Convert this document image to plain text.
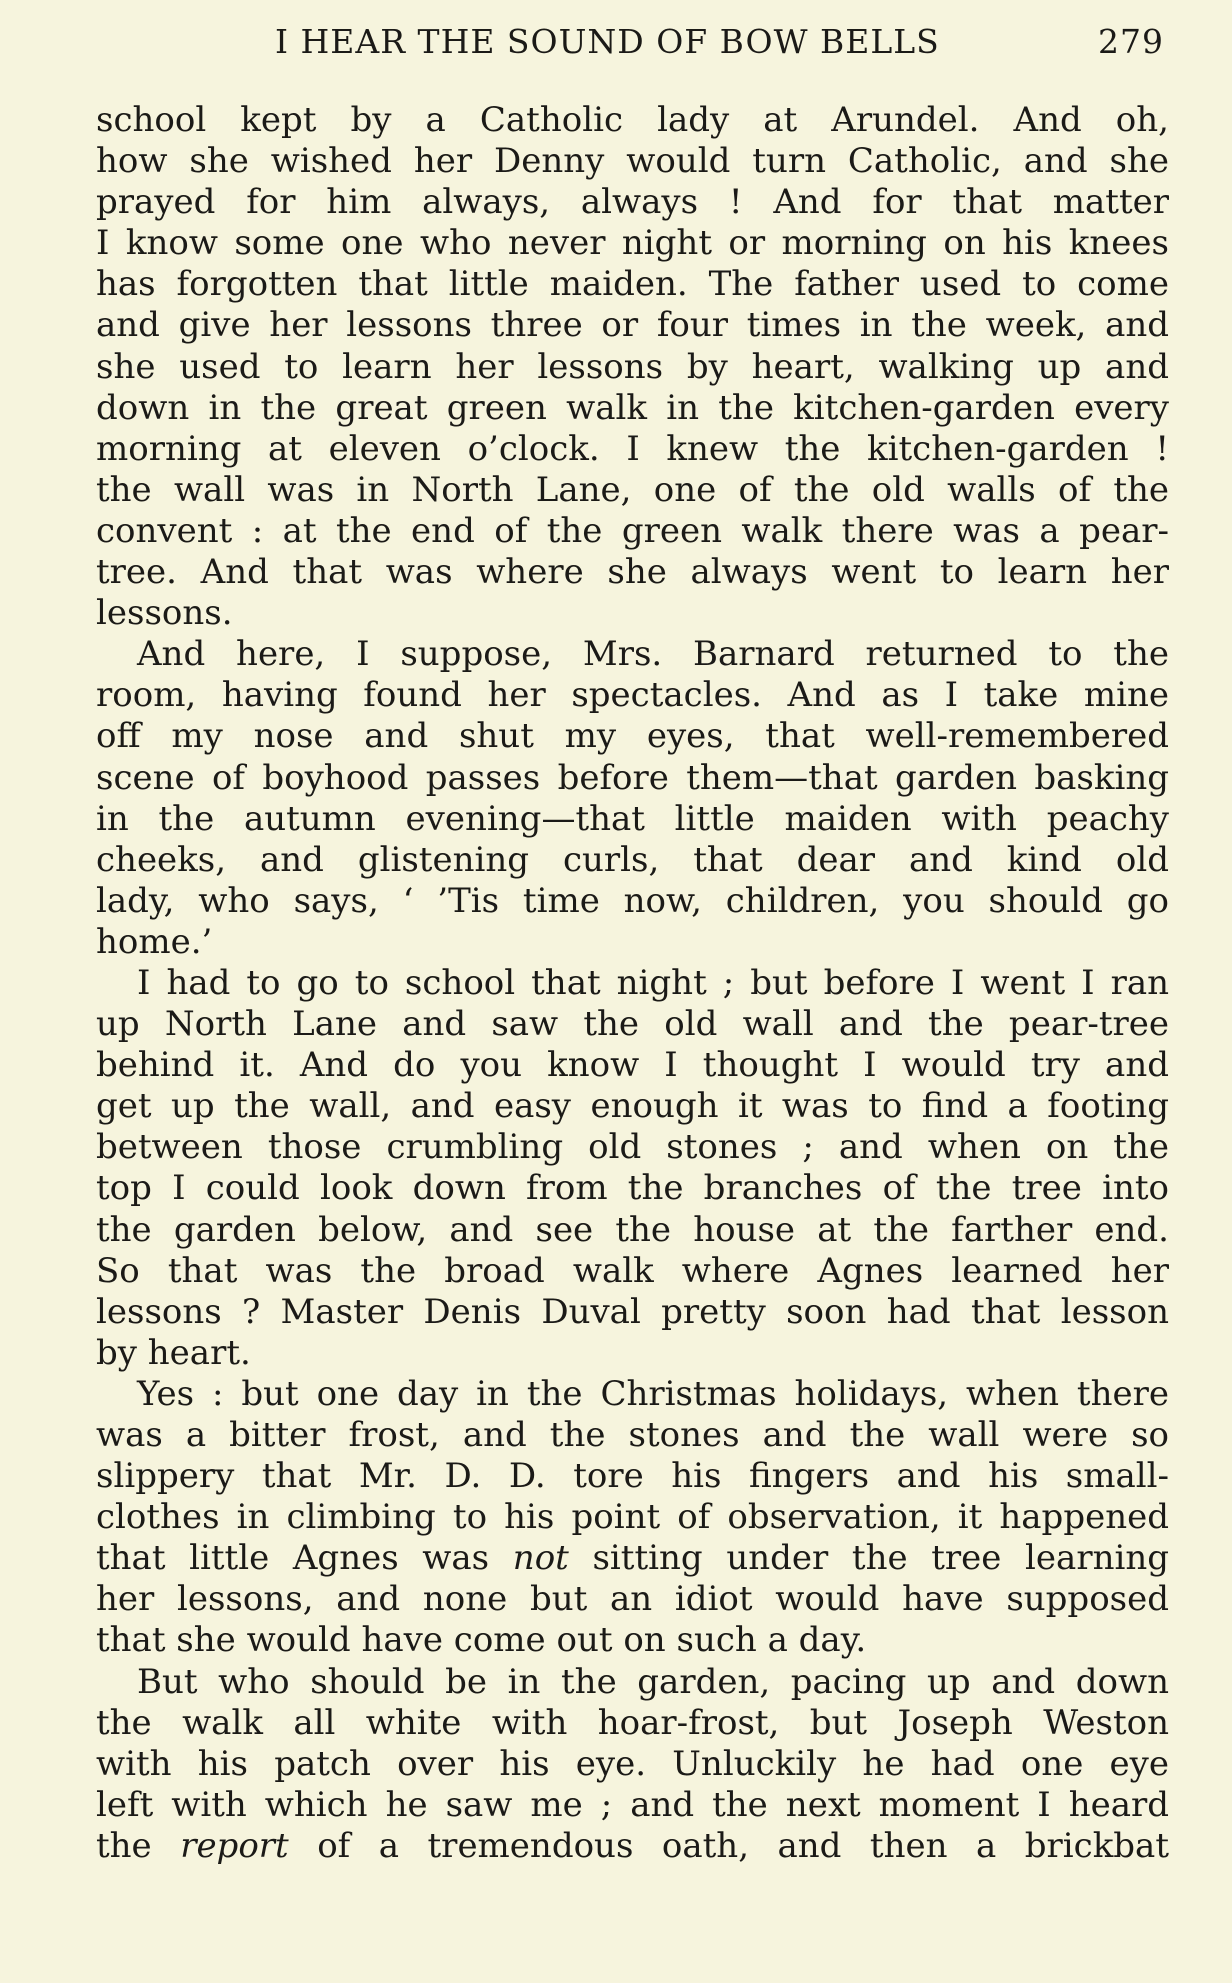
I HEAR THE SOUND OF BOW BELLS	279
school kept by a Catholic lady at Arundel. And oh,
how she wished her Denny would turn Catholic, and she
prayed for him always, always ! And for that matter
I know some one who never night or morning on his knees
has forgotten that little maiden. The father used to come
and give her lessons three or four times in the week, and
she used to learn her lessons by heart, walking up and
down in the great green walk in the kitchen-garden every
morning at eleven o’clock. I knew the kitchen-garden !
the wall was in North Lane, one of the old walls of the
convent : at the end of the green walk there was a pear-
tree. And that was where she always went to learn her
lessons.
And here, I suppose, Mrs. Barnard returned to the
room, having found her spectacles. And as I take mine
off my nose and shut my eyes, that well-remembered
scene of boyhood passes before them—that garden basking
in the autumn evening—that little maiden with peachy
cheeks, and glistening curls, that dear and kind old
lady, who says, ‘ ’Tis time now, children, you should go
home.’
I had to go to school that night ; but before I went I ran
up North Lane and saw the old wall and the pear-tree
behind it. And do you know I thought I would try and
get up the wall, and easy enough it was to find a footing
between those crumbling old stones ; and when on the
top I could look down from the branches of the tree into
the garden below, and see the house at the farther end.
So that was the broad walk where Agnes learned her
lessons ? Master Denis Duval pretty soon had that lesson
by heart.
Yes : but one day in the Christmas holidays, when there
was a bitter frost, and the stones and the wall were so
slippery that Mr. D. D. tore his fingers and his small-
clothes in climbing to his point of observation, it happened
that little Agnes was not sitting under the tree learning
her lessons, and none but an idiot would have supposed
that she would have come out on such a day.
But who should be in the garden, pacing up and down
the walk all white with hoar-frost, but Joseph Weston
with his patch over his eye. Unluckily he had one eye
left with which he saw me ; and the next moment I heard
the report of a tremendous oath, and then a brickbat
